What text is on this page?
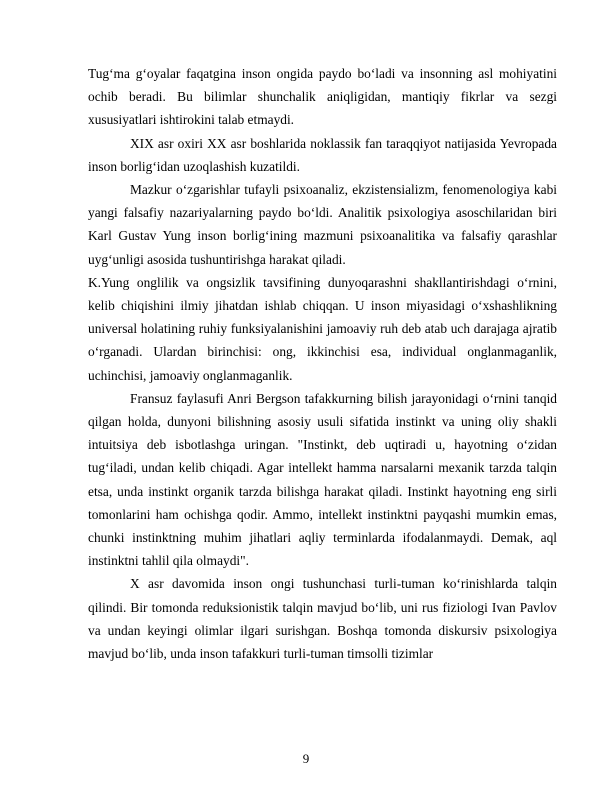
Tug‘ma g‘oyalar faqatgina inson ongida paydo bo‘ladi va insonning asl mohiyatini ochib beradi. Bu bilimlar shunchalik aniqligidan, mantiqiy fikrlar va sezgi xususiyatlari ishtirokini talab etmaydi.

XIX asr oxiri XX asr boshlarida noklassik fan taraqqiyot natijasida Yevropada inson borlig‘idan uzoqlashish kuzatildi.

Mazkur o‘zgarishlar tufayli psixoanaliz, ekzistensializm, fenomenologiya kabi yangi falsafiy nazariyalarning paydo bo‘ldi. Analitik psixologiya asoschilaridan biri Karl Gustav Yung inson borlig‘ining mazmuni psixoanalitika va falsafiy qarashlar uyg‘unligi asosida tushuntirishga harakat qiladi.

K.Yung onglilik va ongsizlik tavsifining dunyoqarashni shakllantirishdagi o‘rnini, kelib chiqishini ilmiy jihatdan ishlab chiqqan. U inson miyasidagi o‘xshashlikning universal holatining ruhiy funksiyalanishini jamoaviy ruh deb atab uch darajaga ajratib o‘rganadi. Ulardan birinchisi: ong, ikkinchisi esa, individual onglanmaganlik, uchinchisi, jamoaviy onglanmaganlik.

Fransuz faylasufi Anri Bergson tafakkurning bilish jarayonidagi o‘rnini tanqid qilgan holda, dunyoni bilishning asosiy usuli sifatida instinkt va uning oliy shakli intuitsiya deb isbotlashga uringan. "Instinkt, deb uqtiradi u, hayotning o‘zidan tug‘iladi, undan kelib chiqadi. Agar intellekt hamma narsalarni mexanik tarzda talqin etsa, unda instinkt organik tarzda bilishga harakat qiladi. Instinkt hayotning eng sirli tomonlarini ham ochishga qodir. Ammo, intellekt instinktni payqashi mumkin emas, chunki instinktning muhim jihatlari aqliy terminlarda ifodalanmaydi. Demak, aql instinktni tahlil qila olmaydi".

X asr davomida inson ongi tushunchasi turli-tuman ko‘rinishlarda talqin qilindi. Bir tomonda reduksionistik talqin mavjud bo‘lib, uni rus fiziologi Ivan Pavlov va undan keyingi olimlar ilgari surishgan. Boshqa tomonda diskursiv psixologiya mavjud bo‘lib, unda inson tafakkuri turli-tuman timsolli tizimlar

9
